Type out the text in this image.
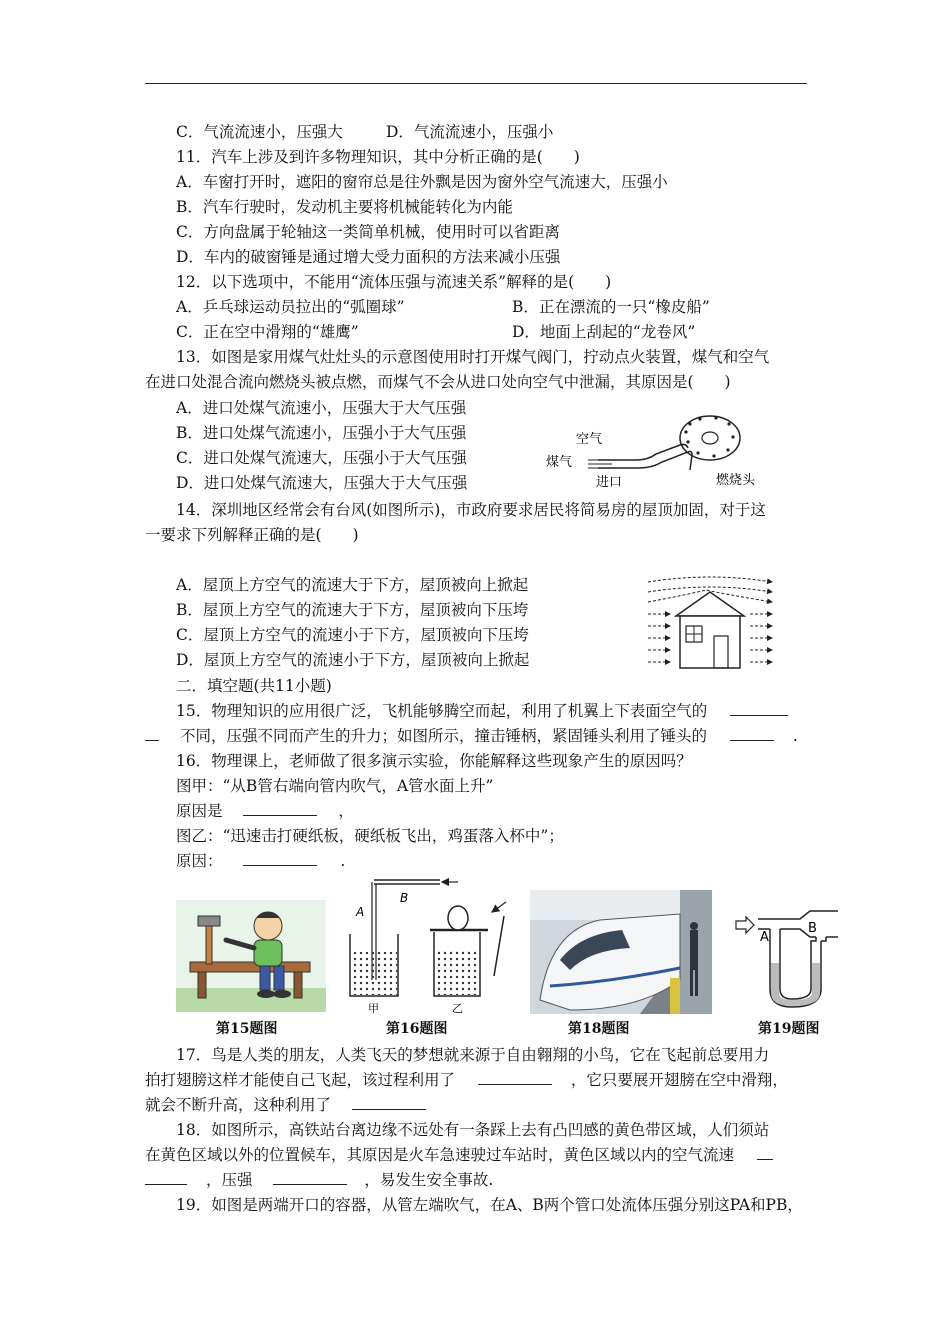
C．气流流速小，压强大	D．气流流速小，压强小
11．汽车上涉及到许多物理知识，其中分析正确的是(　　)
A．车窗打开时，遮阳的窗帘总是往外飘是因为窗外空气流速大，压强小
B．汽车行驶时，发动机主要将机械能转化为内能
C．方向盘属于轮轴这一类简单机械，使用时可以省距离
D．车内的破窗锤是通过增大受力面积的方法来减小压强
12．以下选项中，不能用“流体压强与流速关系”解释的是(　　)
A．乒乓球运动员拉出的“弧圈球”	B．正在漂流的一只“橡皮船”
C．正在空中滑翔的“雄鹰”	D．地面上刮起的“龙卷风”
13．如图是家用煤气灶灶头的示意图使用时打开煤气阀门，拧动点火装置，煤气和空气
在进口处混合流向燃烧头被点燃，而煤气不会从进口处向空气中泄漏，其原因是(　　)
A．进口处煤气流速小，压强大于大气压强
B．进口处煤气流速小，压强小于大气压强
C．进口处煤气流速大，压强小于大气压强
D．进口处煤气流速大，压强大于大气压强
空气
煤气
进口	燃烧头
14．深圳地区经常会有台风(如图所示)，市政府要求居民将简易房的屋顶加固，对于这
一要求下列解释正确的是(　　)
A．屋顶上方空气的流速大于下方，屋顶被向上掀起
B．屋顶上方空气的流速大于下方，屋顶被向下压垮
C．屋顶上方空气的流速小于下方，屋顶被向下压垮
D．屋顶上方空气的流速小于下方，屋顶被向上掀起
二．填空题(共11小题)
15．物理知识的应用很广泛，飞机能够腾空而起，利用了机翼上下表面空气的
不同，压强不同而产生的升力；如图所示，撞击锤柄，紧固锤头利用了锤头的	.
16．物理课上，老师做了很多演示实验，你能解释这些现象产生的原因吗？
图甲：“从B管右端向管内吹气，A管水面上升”
原因是	，
图乙：“迅速击打硬纸板，硬纸板飞出，鸡蛋落入杯中”；
原因：	.
第15题图
B
A
甲	乙
第16题图	第18题图
A
B
第19题图
17．鸟是人类的朋友，人类飞天的梦想就来源于自由翱翔的小鸟，它在飞起前总要用力
拍打翅膀这样才能使自己飞起，该过程利用了	，它只要展开翅膀在空中滑翔，
就会不断升高，这种利用了
18．如图所示，高铁站台离边缘不远处有一条踩上去有凸凹感的黄色带区域，人们须站
在黄色区域以外的位置候车，其原因是火车急速驶过车站时，黄色区域以内的空气流速
，压强	，易发生安全事故.
19．如图是两端开口的容器，从管左端吹气，在A、B两个管口处流体压强分别这PA和PB，
